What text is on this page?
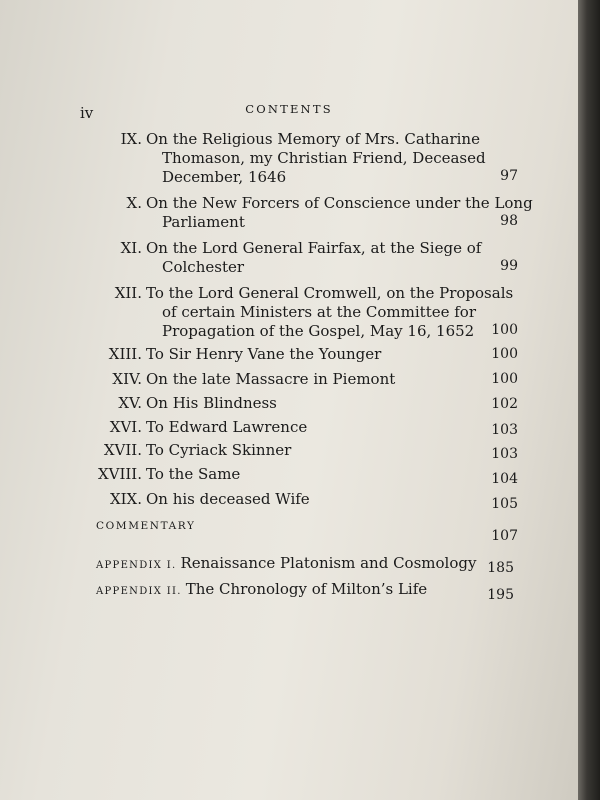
iv	CONTENTS
IX. On the Religious Memory of Mrs. Catharine
Thomason, my Christian Friend, Deceased
December, 1646	97
X. On the New Forcers of Conscience under the Long
Parliament	98
XI. On the Lord General Fairfax, at the Siege of
Colchester	99
XII. To the Lord General Cromwell, on the Proposals
of certain Ministers at the Committee for
Propagation of the Gospel, May 16, 1652	100
XIII. To Sir Henry Vane the Younger	100
XIV. On the late Massacre in Piemont	100
XV. On His Blindness	102
XVI. To Edward Lawrence	103
XVII. To Cyriack Skinner	103
XVIII. To the Same	104
XIX. On his deceased Wife	105
COMMENTARY
107
APPENDIX I. Renaissance Platonism and Cosmology 185
APPENDIX II. The Chronology of Milton’s Life	195
